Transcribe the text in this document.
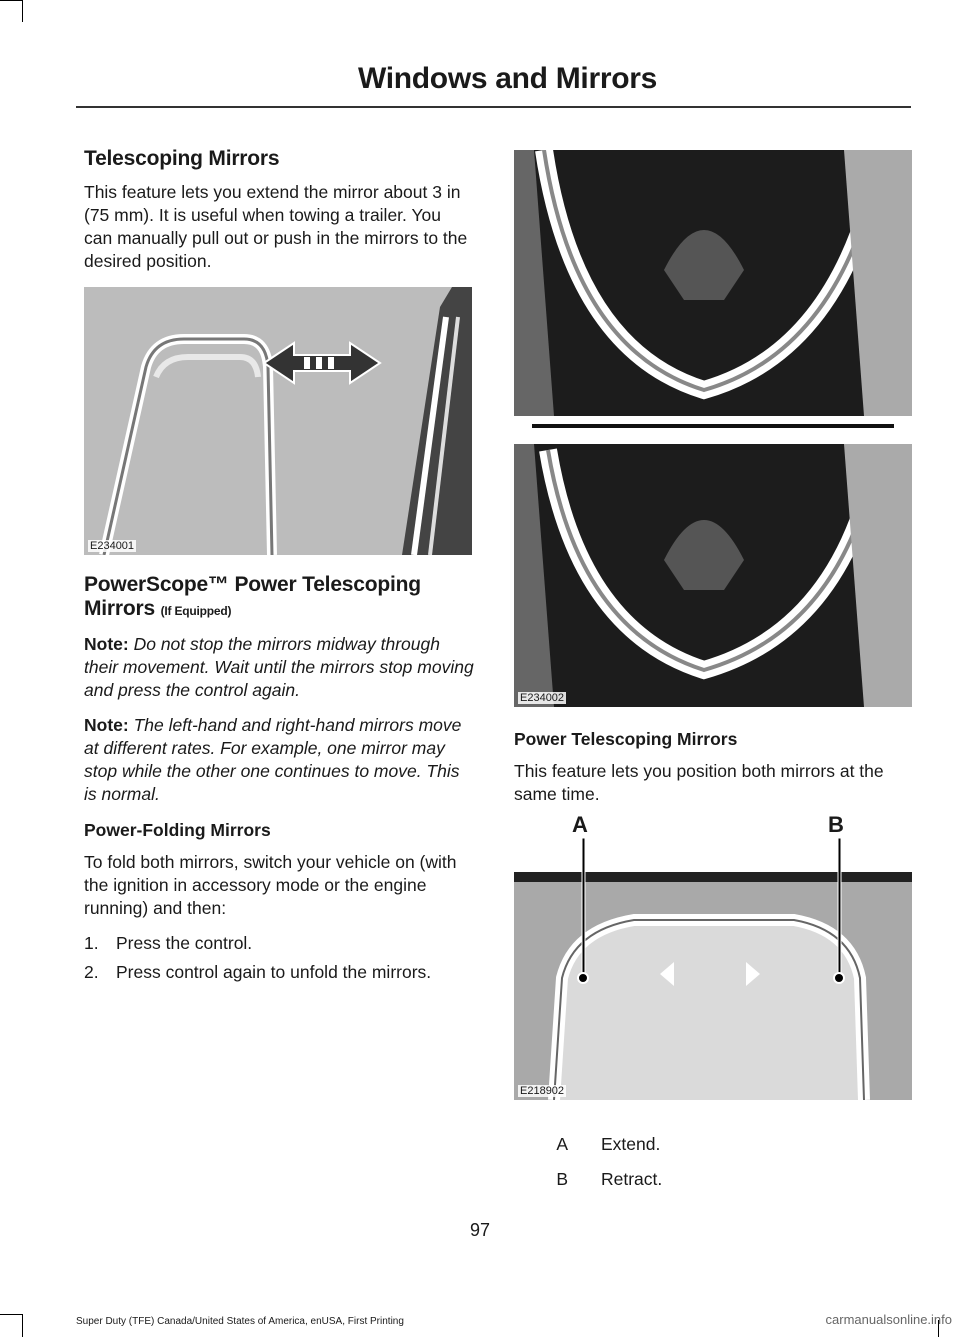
Windows and Mirrors
Telescoping Mirrors

This feature lets you extend the mirror about 3 in (75 mm). It is useful when towing a trailer. You can manually pull out or push in the mirrors to the desired position.

E234001
PowerScope™ Power Telescoping Mirrors (If Equipped)

Note: Do not stop the mirrors midway through their movement. Wait until the mirrors stop moving and press the control again.

Note: The left-hand and right-hand mirrors move at different rates. For example, one mirror may stop while the other one continues to move. This is normal.

Power-Folding Mirrors

To fold both mirrors, switch your vehicle on (with the ignition in accessory mode or the engine running) and then:

1. Press the control.
2. Press control again to unfold the mirrors.
E234002
Power Telescoping Mirrors

This feature lets you position both mirrors at the same time.

A	B
E218902
A	Extend.
B	Retract.
97
Super Duty (TFE) Canada/United States of America, enUSA, First Printing	carmanualsonline.info
